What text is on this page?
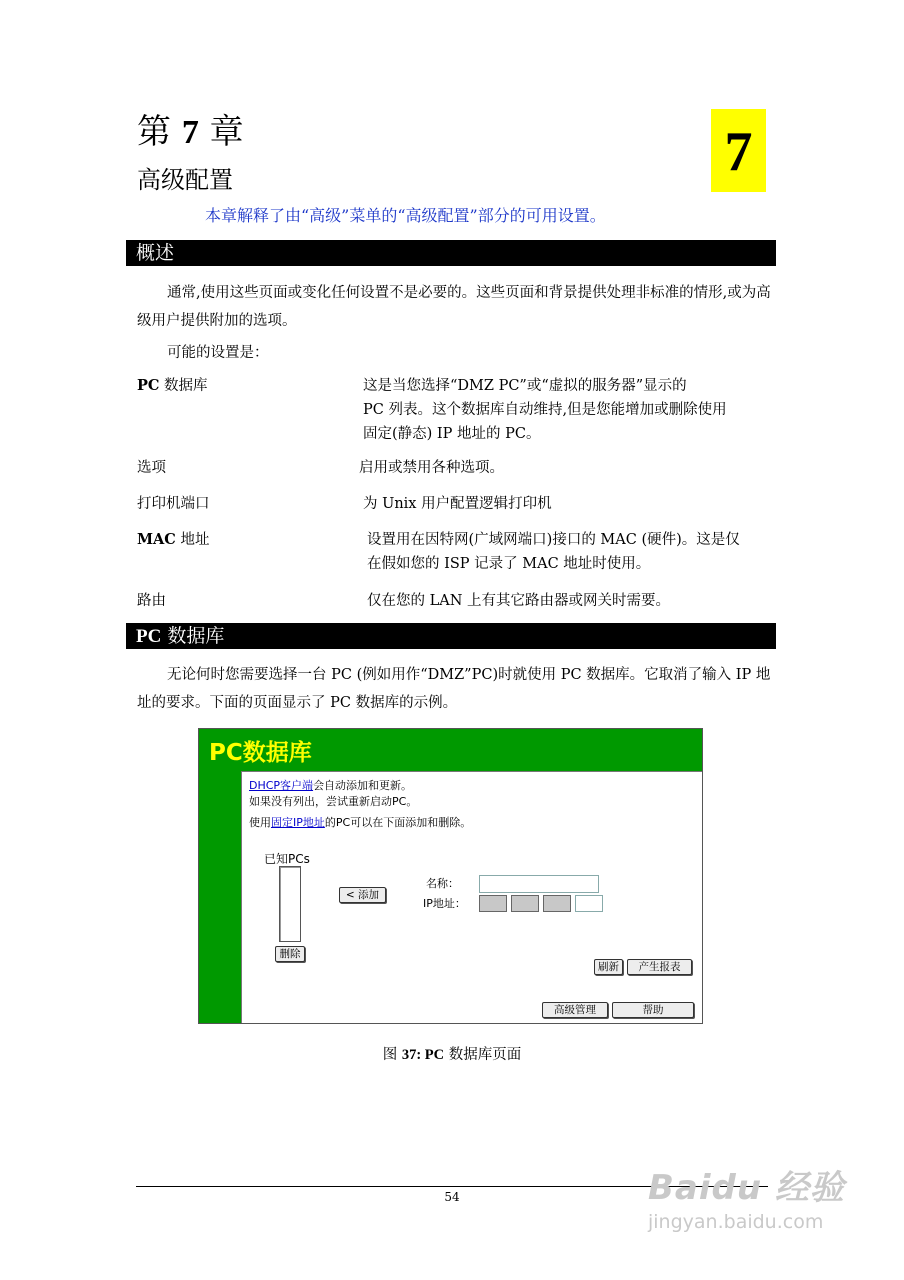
第 7 章
高级配置	7
本章解释了由“高级”菜单的“高级配置”部分的可用设置。
概述
通常,使用这些页面或变化任何设置不是必要的。这些页面和背景提供处理非标准的情形,或为高级用户提供附加的选项。
可能的设置是：
PC 数据库	这是当您选择“DMZ PC”或“虚拟的服务器”显示的
PC 列表。这个数据库自动维持,但是您能增加或删除使用
固定(静态) IP 地址的 PC。
选项	启用或禁用各种选项。
打印机端口	为 Unix 用户配置逻辑打印机
MAC 地址	设置用在因特网(广域网端口)接口的 MAC (硬件)。这是仅
在假如您的 ISP 记录了 MAC 地址时使用。
路由	仅在您的 LAN 上有其它路由器或网关时需要。
PC 数据库
无论何时您需要选择一台 PC (例如用作“DMZ”PC)时就使用 PC 数据库。它取消了输入 IP 地址的要求。下面的页面显示了 PC 数据库的示例。
PC数据库
DHCP客户端会自动添加和更新。
如果没有列出，尝试重新启动PC。
使用固定IP地址的PC可以在下面添加和删除。
已知PCs
删除
< 添加
名称：
IP地址：
刷新	产生报表
高级管理	帮助
图 37: PC 数据库页面
54	Baidu 经验
jingyan.baidu.com
